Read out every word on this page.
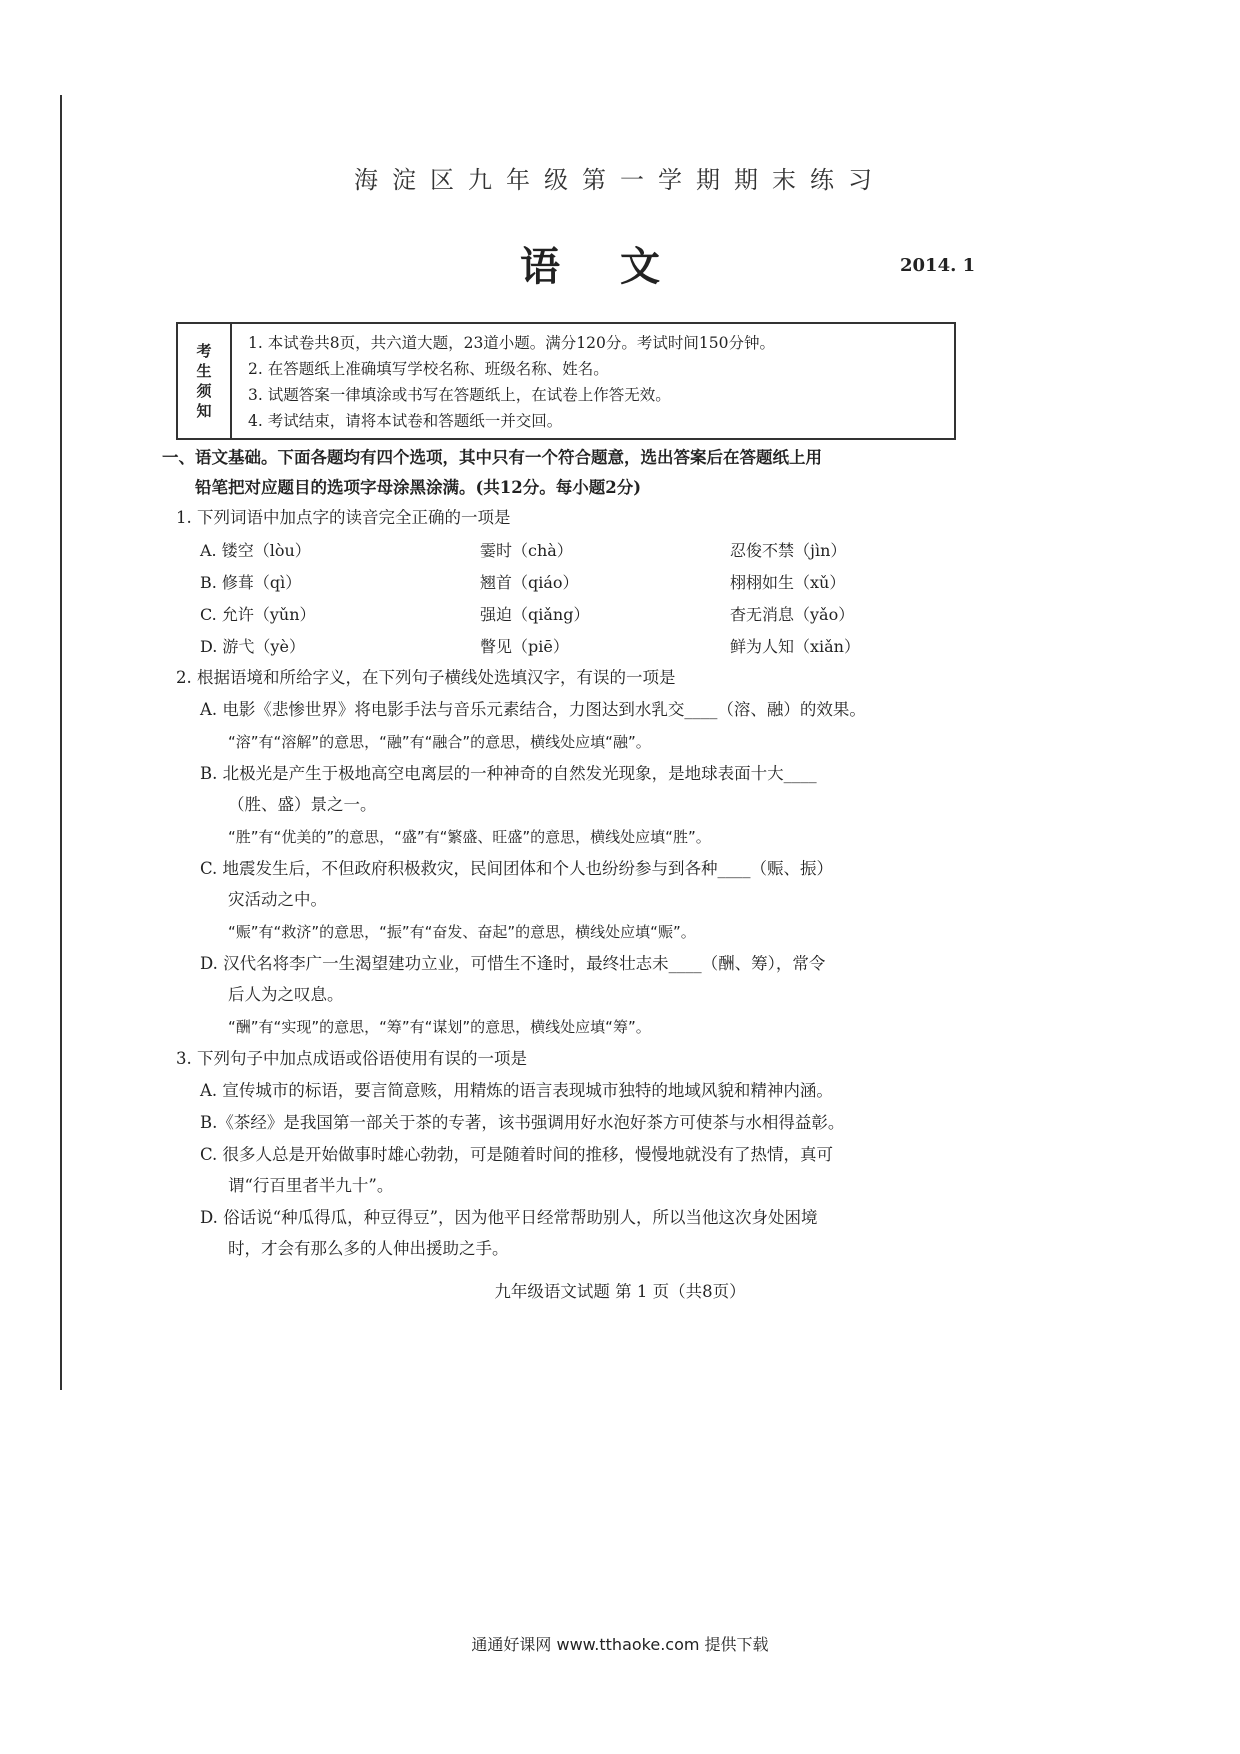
海淀区九年级第一学期期末练习
语文	2014. 1
考
生
须
知
1. 本试卷共8页，共六道大题，23道小题。满分120分。考试时间150分钟。
2. 在答题纸上准确填写学校名称、班级名称、姓名。
3. 试题答案一律填涂或书写在答题纸上，在试卷上作答无效。
4. 考试结束，请将本试卷和答题纸一并交回。
一、语文基础。下面各题均有四个选项，其中只有一个符合题意，选出答案后在答题纸上用
铅笔把对应题目的选项字母涂黑涂满。(共12分。每小题2分)
1. 下列词语中加点字的读音完全正确的一项是
A. 镂空（lòu）	霎时（chà）	忍俊不禁（jìn）
B. 修葺（qì）	翘首（qiáo）	栩栩如生（xǔ）
C. 允许（yǔn）	强迫（qiǎng）	杳无消息（yǎo）
D. 游弋（yè）	瞥见（piē）	鲜为人知（xiǎn）
2. 根据语境和所给字义，在下列句子横线处选填汉字，有误的一项是
A. 电影《悲惨世界》将电影手法与音乐元素结合，力图达到水乳交____（溶、融）的效果。
“溶”有“溶解”的意思，“融”有“融合”的意思，横线处应填“融”。
B. 北极光是产生于极地高空电离层的一种神奇的自然发光现象，是地球表面十大____
（胜、盛）景之一。
“胜”有“优美的”的意思，“盛”有“繁盛、旺盛”的意思，横线处应填“胜”。
C. 地震发生后，不但政府积极救灾，民间团体和个人也纷纷参与到各种____（赈、振）
灾活动之中。
“赈”有“救济”的意思，“振”有“奋发、奋起”的意思，横线处应填“赈”。
D. 汉代名将李广一生渴望建功立业，可惜生不逢时，最终壮志未____（酬、筹），常令
后人为之叹息。
“酬”有“实现”的意思，“筹”有“谋划”的意思，横线处应填“筹”。
3. 下列句子中加点成语或俗语使用有误的一项是
A. 宣传城市的标语，要言简意赅，用精炼的语言表现城市独特的地域风貌和精神内涵。
B.《茶经》是我国第一部关于茶的专著，该书强调用好水泡好茶方可使茶与水相得益彰。
C. 很多人总是开始做事时雄心勃勃，可是随着时间的推移，慢慢地就没有了热情，真可
谓“行百里者半九十”。
D. 俗话说“种瓜得瓜，种豆得豆”，因为他平日经常帮助别人，所以当他这次身处困境
时，才会有那么多的人伸出援助之手。
九年级语文试题 第 1 页（共8页）
通通好课网 www.tthaoke.com 提供下载
